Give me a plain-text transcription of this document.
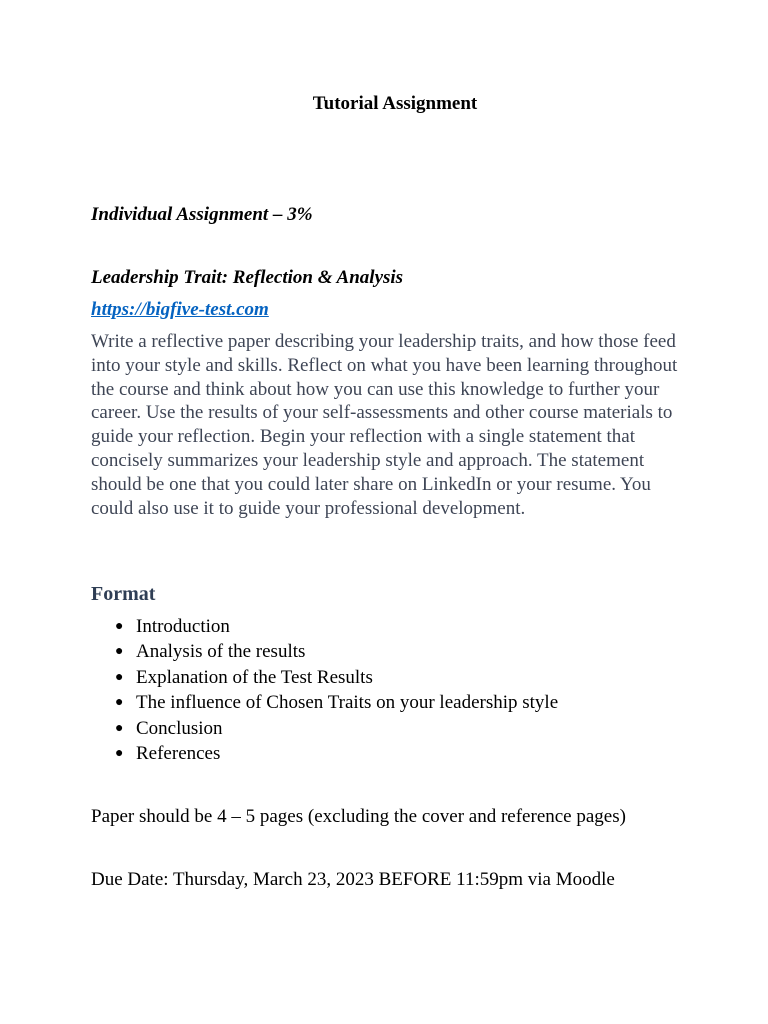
Tutorial Assignment
Individual Assignment – 3%
Leadership Trait: Reflection & Analysis
https://bigfive-test.com
Write a reflective paper describing your leadership traits, and how those feed into your style and skills. Reflect on what you have been learning throughout the course and think about how you can use this knowledge to further your career. Use the results of your self-assessments and other course materials to guide your reflection. Begin your reflection with a single statement that concisely summarizes your leadership style and approach. The statement should be one that you could later share on LinkedIn or your resume. You could also use it to guide your professional development.
Format
● Introduction
● Analysis of the results
● Explanation of the Test Results
● The influence of Chosen Traits on your leadership style
● Conclusion
● References
Paper should be 4 – 5 pages (excluding the cover and reference pages)
Due Date: Thursday, March 23, 2023 BEFORE 11:59pm via Moodle
